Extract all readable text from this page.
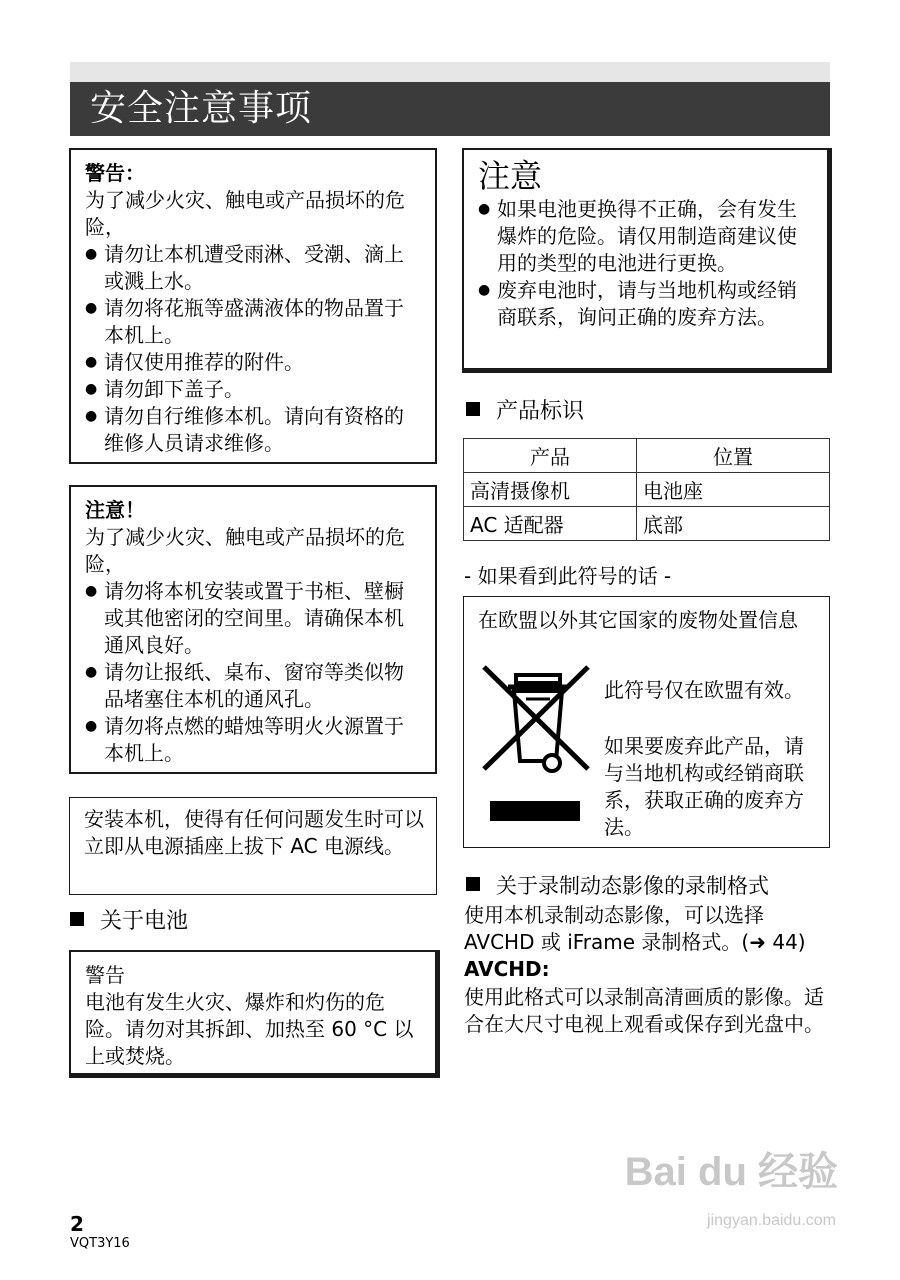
安全注意事项
警告：
为了减少火灾、触电或产品损坏的危险，
● 请勿让本机遭受雨淋、受潮、滴上或溅上水。
● 请勿将花瓶等盛满液体的物品置于本机上。
● 请仅使用推荐的附件。
● 请勿卸下盖子。
● 请勿自行维修本机。请向有资格的维修人员请求维修。
注意！
为了减少火灾、触电或产品损坏的危险，
● 请勿将本机安装或置于书柜、壁橱或其他密闭的空间里。请确保本机通风良好。
● 请勿让报纸、桌布、窗帘等类似物品堵塞住本机的通风孔。
● 请勿将点燃的蜡烛等明火火源置于本机上。
安装本机，使得有任何问题发生时可以立即从电源插座上拔下 AC 电源线。
关于电池
警告
电池有发生火灾、爆炸和灼伤的危险。请勿对其拆卸、加热至 60 °C 以上或焚烧。
注意
● 如果电池更换得不正确，会有发生爆炸的危险。请仅用制造商建议使用的类型的电池进行更换。
● 废弃电池时，请与当地机构或经销商联系，询问正确的废弃方法。
产品标识
产品	位置
高清摄像机	电池座
AC 适配器	底部
- 如果看到此符号的话 -
在欧盟以外其它国家的废物处置信息
此符号仅在欧盟有效。
如果要废弃此产品，请与当地机构或经销商联系，获取正确的废弃方法。
关于录制动态影像的录制格式
使用本机录制动态影像，可以选择 AVCHD 或 iFrame 录制格式。(➜ 44)
AVCHD:
使用此格式可以录制高清画质的影像。适合在大尺寸电视上观看或保存到光盘中。
2
VQT3Y16
Bai du 经验
jingyan.baidu.com
